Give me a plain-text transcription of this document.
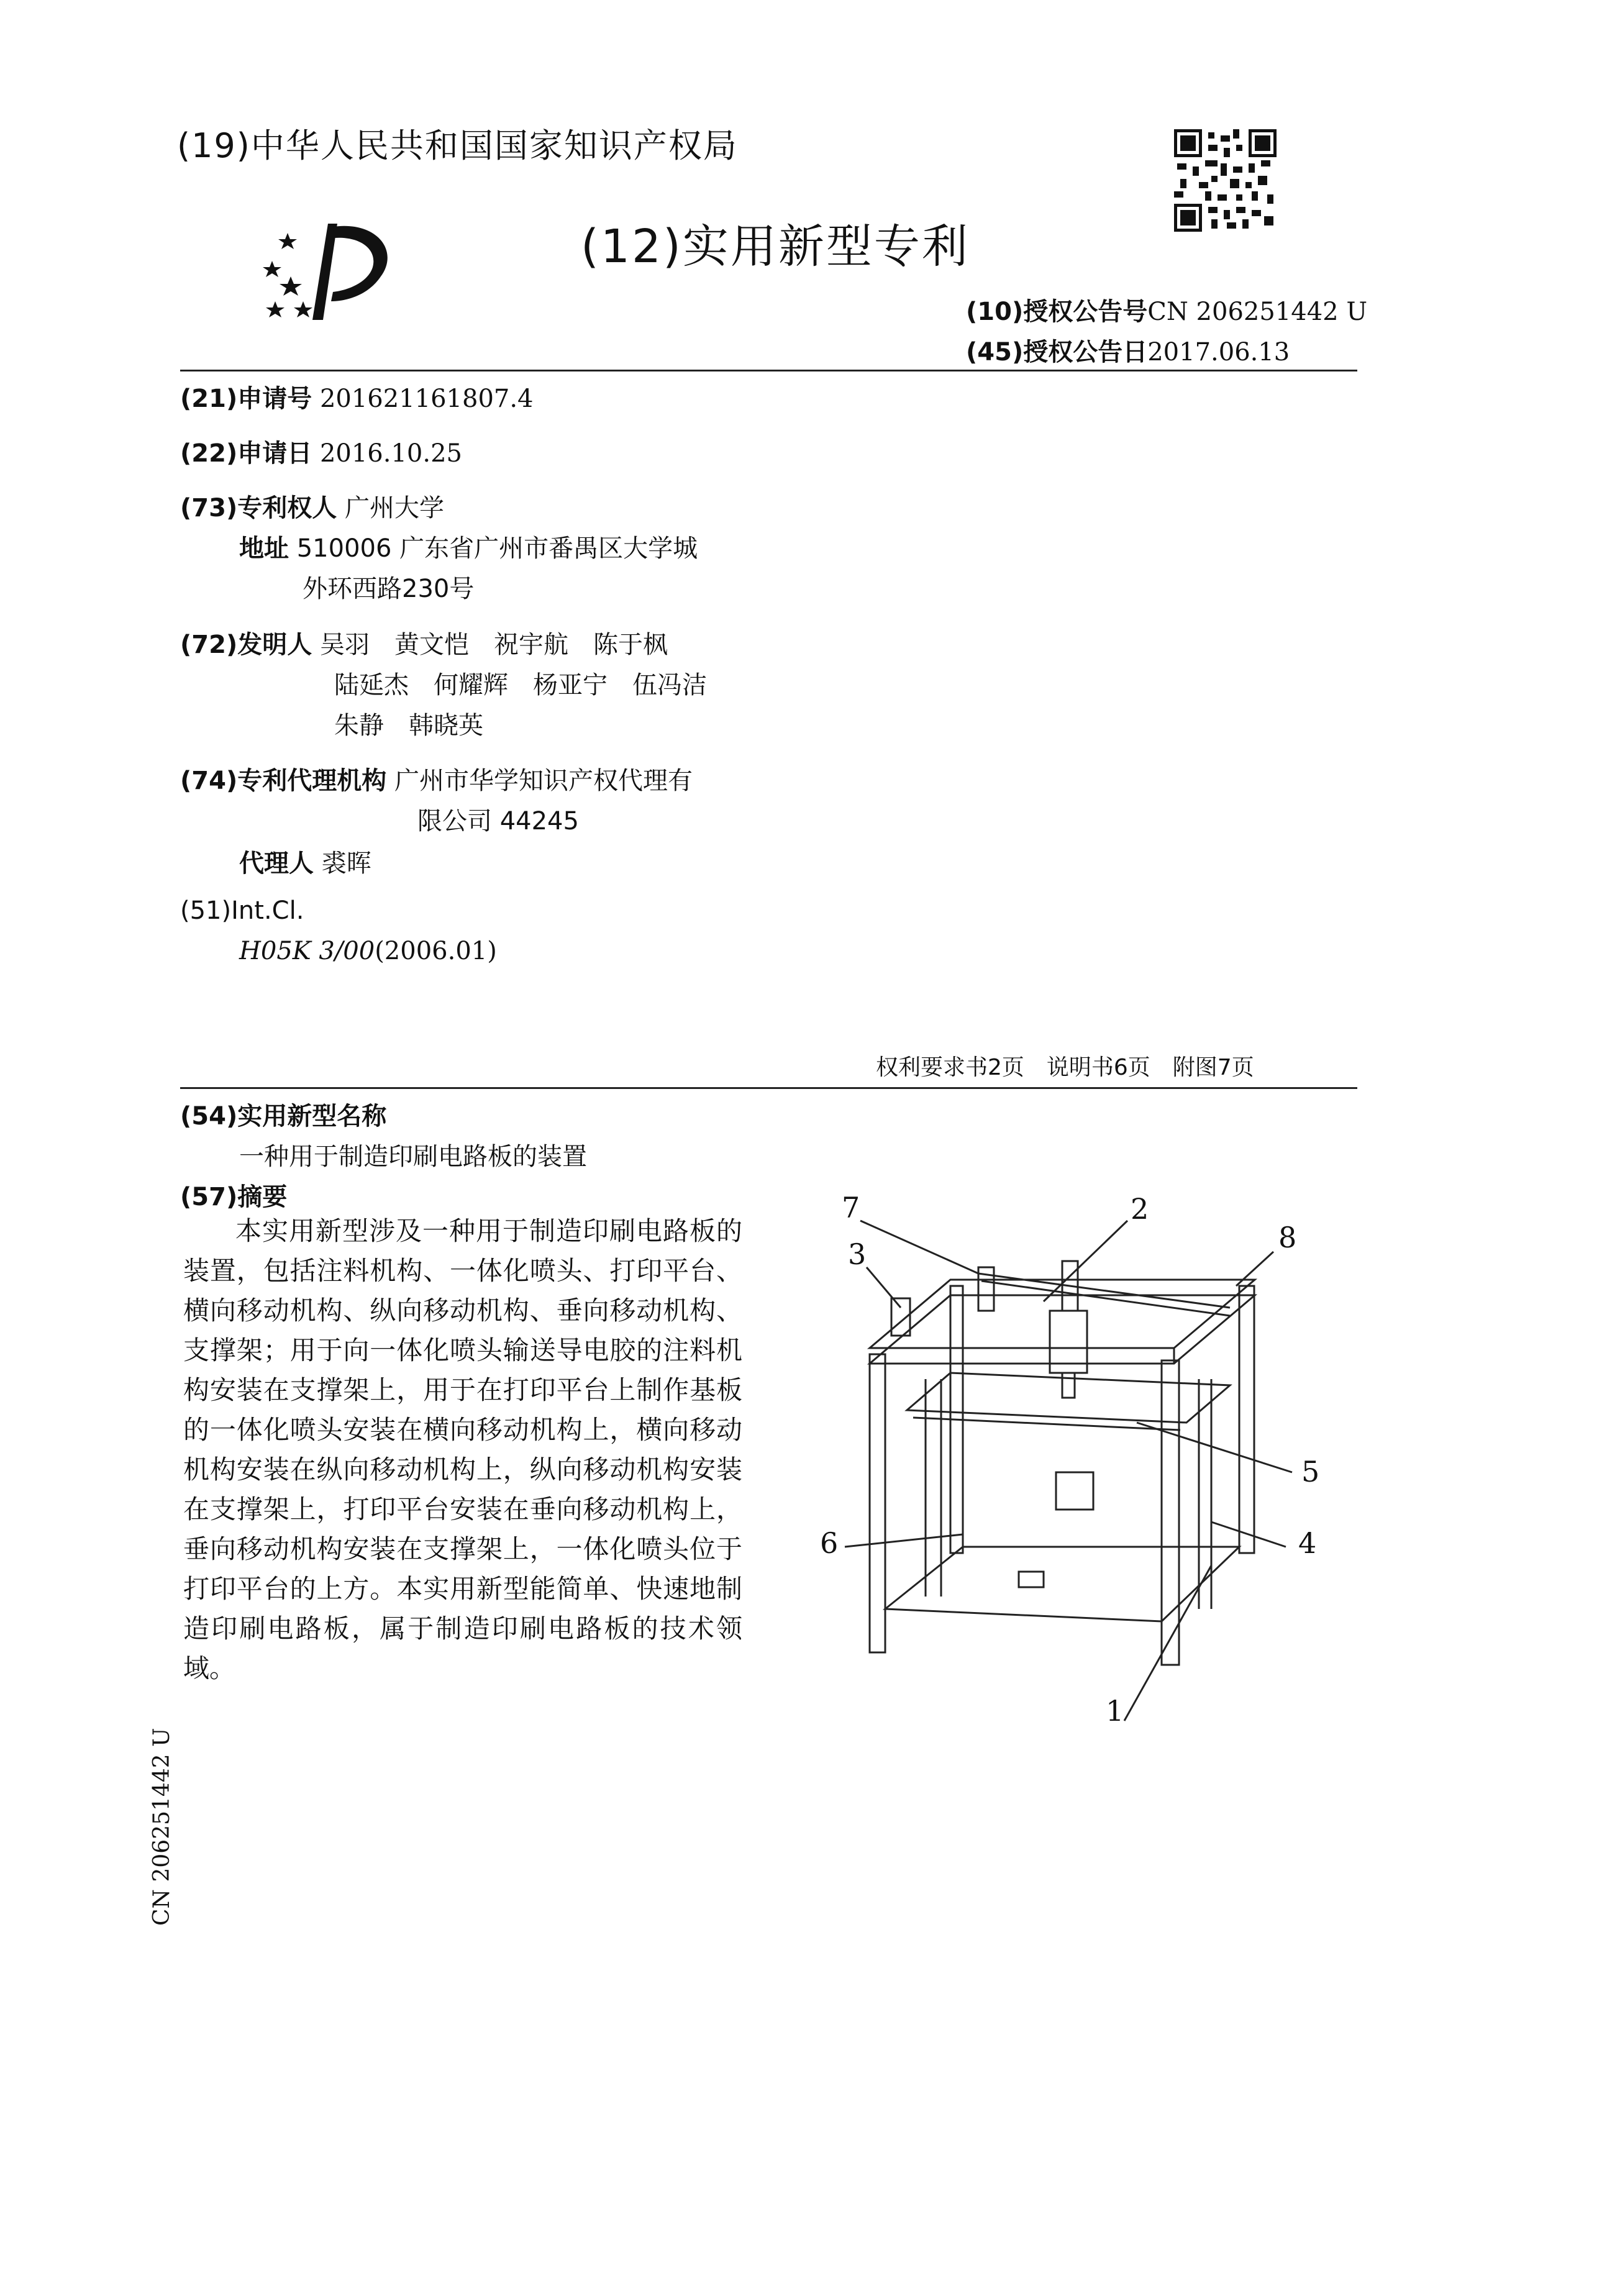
(19)中华人民共和国国家知识产权局
(12)实用新型专利
(10)授权公告号CN 206251442 U
(45)授权公告日2017.06.13
(21)申请号 201621161807.4
(22)申请日 2016.10.25
(73)专利权人 广州大学
地址 510006 广东省广州市番禺区大学城
外环西路230号
(72)发明人 吴羽　黄文恺　祝宇航　陈于枫
陆延杰　何耀辉　杨亚宁　伍冯洁
朱静　韩晓英
(74)专利代理机构 广州市华学知识产权代理有
限公司 44245
代理人 裘晖
(51)Int.Cl.
H05K 3/00(2006.01)
权利要求书2页　说明书6页　附图7页
(54)实用新型名称
一种用于制造印刷电路板的装置
(57)摘要
本实用新型涉及一种用于制造印刷电路板的装置，包括注料机构、一体化喷头、打印平台、横向移动机构、纵向移动机构、垂向移动机构、支撑架；用于向一体化喷头输送导电胶的注料机构安装在支撑架上，用于在打印平台上制作基板的一体化喷头安装在横向移动机构上，横向移动机构安装在纵向移动机构上，纵向移动机构安装在支撑架上，打印平台安装在垂向移动机构上，垂向移动机构安装在支撑架上，一体化喷头位于打印平台的上方。本实用新型能简单、快速地制造印刷电路板，属于制造印刷电路板的技术领域。
7	2
3	8
5
6	4
1
CN 206251442 U
